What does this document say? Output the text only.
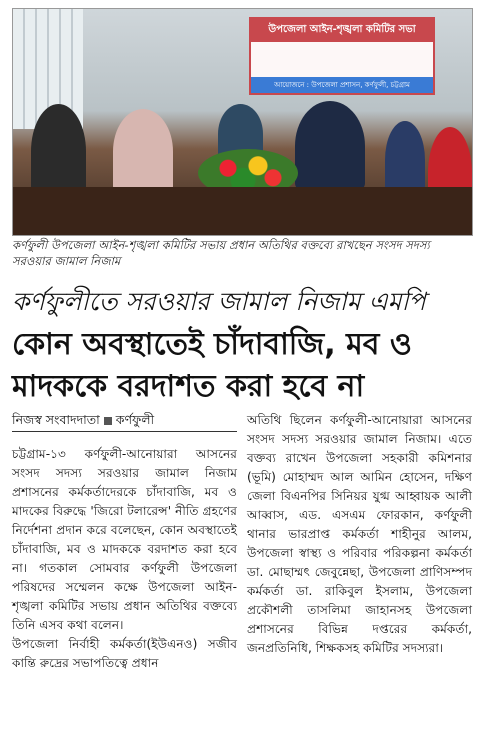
উপজেলা আইন-শৃঙ্খলা কমিটির সভা

আয়োজনে : উপজেলা প্রশাসন, কর্ণফুলী, চট্টগ্রাম
কর্ণফুলী উপজেলা আইন-শৃঙ্খলা কমিটির সভায় প্রধান অতিথির বক্তব্যে রাখছেন সংসদ সদস্য সরওয়ার জামাল নিজাম
কর্ণফুলীতে সরওয়ার জামাল নিজাম এমপি
কোন অবস্থাতেই চাঁদাবাজি, মব ও মাদককে বরদাশত করা হবে না
নিজস্ব সংবাদদাতা কর্ণফুলী

চট্টগ্রাম-১৩ কর্ণফুলী-আনোয়ারা আসনের সংসদ সদস্য সরওয়ার জামাল নিজাম প্রশাসনের কর্মকর্তাদেরকে চাঁদাবাজি, মব ও মাদকের বিরুদ্ধে 'জিরো টলারেন্স' নীতি গ্রহণের নির্দেশনা প্রদান করে বলেছেন, কোন অবস্থাতেই চাঁদাবাজি, মব ও মাদককে বরদাশত করা হবে না। গতকাল সোমবার কর্ণফুলী উপজেলা পরিষদের সম্মেলন কক্ষে উপজেলা আইন-শৃঙ্খলা কমিটির সভায় প্রধান অতিথির বক্তব্যে তিনি এসব কথা বলেন।

উপজেলা নির্বাহী কর্মকর্তা(ইউএনও) সজীব কান্তি রুদ্রের সভাপতিত্বে প্রধান

অতিথি ছিলেন কর্ণফুলী-আনোয়ারা আসনের সংসদ সদস্য সরওয়ার জামাল নিজাম। এতে বক্তব্য রাখেন উপজেলা সহকারী কমিশনার (ভূমি) মোহাম্মদ আল আমিন হোসেন, দক্ষিণ জেলা বিএনপির সিনিয়র যুগ্ম আহ্বায়ক আলী আব্বাস, এড. এসএম ফোরকান, কর্ণফুলী থানার ভারপ্রাপ্ত কর্মকর্তা শাহীনুর আলম, উপজেলা স্বাস্থ্য ও পরিবার পরিকল্পনা কর্মকর্তা ডা. মোছাম্মৎ জেবুন্নেছা, উপজেলা প্রাণিসম্পদ কর্মকর্তা ডা. রাকিবুল ইসলাম, উপজেলা প্রকৌশলী তাসলিমা জাহানসহ উপজেলা প্রশাসনের বিভিন্ন দপ্তরের কর্মকর্তা, জনপ্রতিনিধি, শিক্ষকসহ কমিটির সদস্যরা।
